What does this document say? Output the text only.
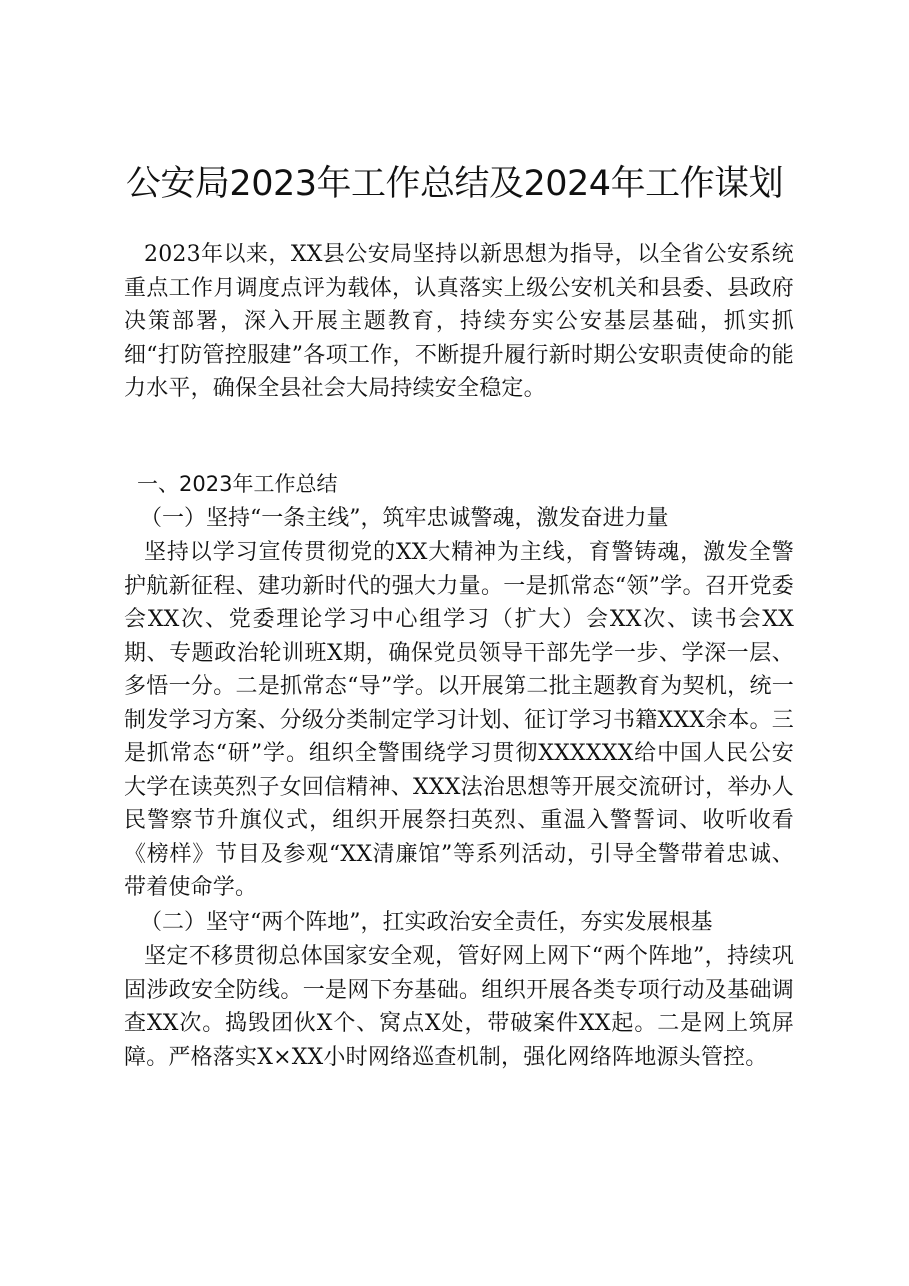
公安局2023年工作总结及2024年工作谋划

2023年以来，XX县公安局坚持以新思想为指导，以全省公安系统重点工作月调度点评为载体，认真落实上级公安机关和县委、县政府决策部署，深入开展主题教育，持续夯实公安基层基础，抓实抓细“打防管控服建”各项工作，不断提升履行新时期公安职责使命的能力水平，确保全县社会大局持续安全稳定。

一、2023年工作总结
（一）坚持“一条主线”，筑牢忠诚警魂，激发奋进力量

坚持以学习宣传贯彻党的XX大精神为主线，育警铸魂，激发全警护航新征程、建功新时代的强大力量。一是抓常态“领”学。召开党委会XX次、党委理论学习中心组学习（扩大）会XX次、读书会XX期、专题政治轮训班X期，确保党员领导干部先学一步、学深一层、多悟一分。二是抓常态“导”学。以开展第二批主题教育为契机，统一制发学习方案、分级分类制定学习计划、征订学习书籍XXX余本。三是抓常态“研”学。组织全警围绕学习贯彻XXXXXX给中国人民公安大学在读英烈子女回信精神、XXX法治思想等开展交流研讨，举办人民警察节升旗仪式，组织开展祭扫英烈、重温入警誓词、收听收看《榜样》节目及参观“XX清廉馆”等系列活动，引导全警带着忠诚、带着使命学。

（二）坚守“两个阵地”，扛实政治安全责任，夯实发展根基

坚定不移贯彻总体国家安全观，管好网上网下“两个阵地”，持续巩固涉政安全防线。一是网下夯基础。组织开展各类专项行动及基础调查XX次。捣毁团伙X个、窝点X处，带破案件XX起。二是网上筑屏障。严格落实X×XX小时网络巡查机制，强化网络阵地源头管控。
